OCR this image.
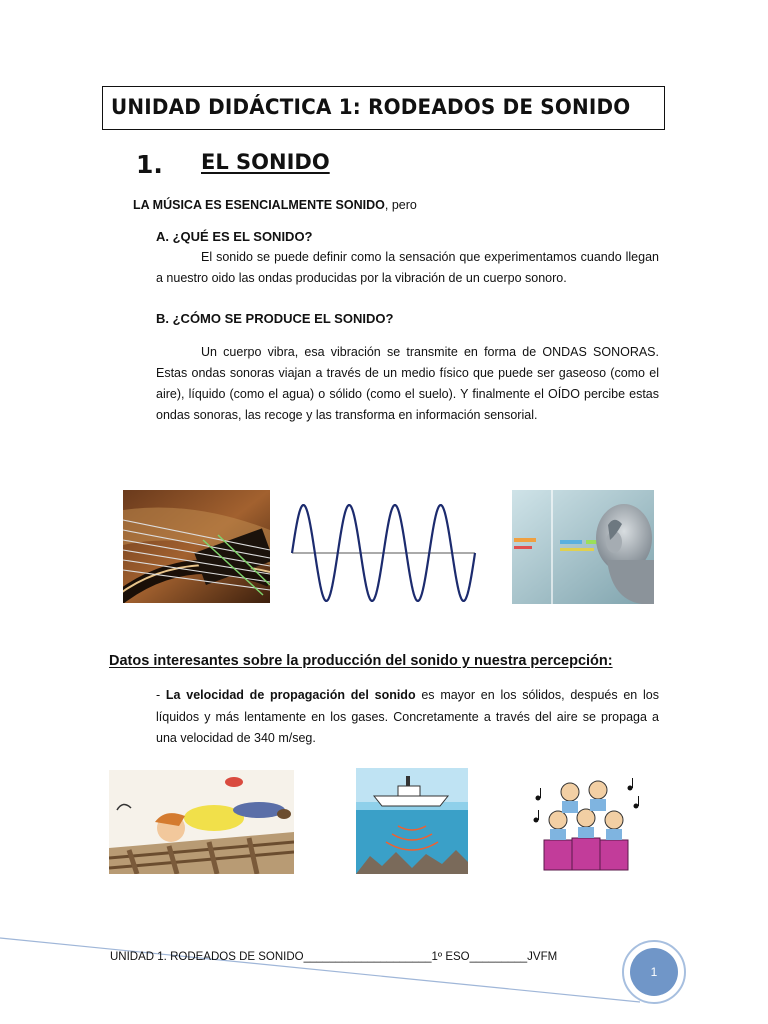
UNIDAD DIDÁCTICA 1: RODEADOS DE SONIDO
1. EL SONIDO
LA MÚSICA ES ESENCIALMENTE SONIDO, pero
A. ¿QUÉ ES EL SONIDO?
El sonido se puede definir como la sensación que experimentamos cuando llegan a nuestro oido las ondas producidas por la vibración de un cuerpo sonoro.
B. ¿CÓMO SE PRODUCE EL SONIDO?
Un cuerpo vibra, esa vibración se transmite en forma de ONDAS SONORAS. Estas ondas sonoras viajan a través de un medio físico que puede ser gaseoso (como el aire), líquido (como el agua) o sólido (como el suelo). Y finalmente el OÍDO percibe estas ondas sonoras, las recoge y las transforma en información sensorial.
Datos interesantes sobre la producción del sonido y nuestra percepción:
- La velocidad de propagación del sonido es mayor en los sólidos, después en los líquidos y más lentamente en los gases. Concretamente a través del aire se propaga a una velocidad de 340 m/seg.
UNIDAD 1. RODEADOS DE SONIDO____________________1º ESO_________JVFM
1
